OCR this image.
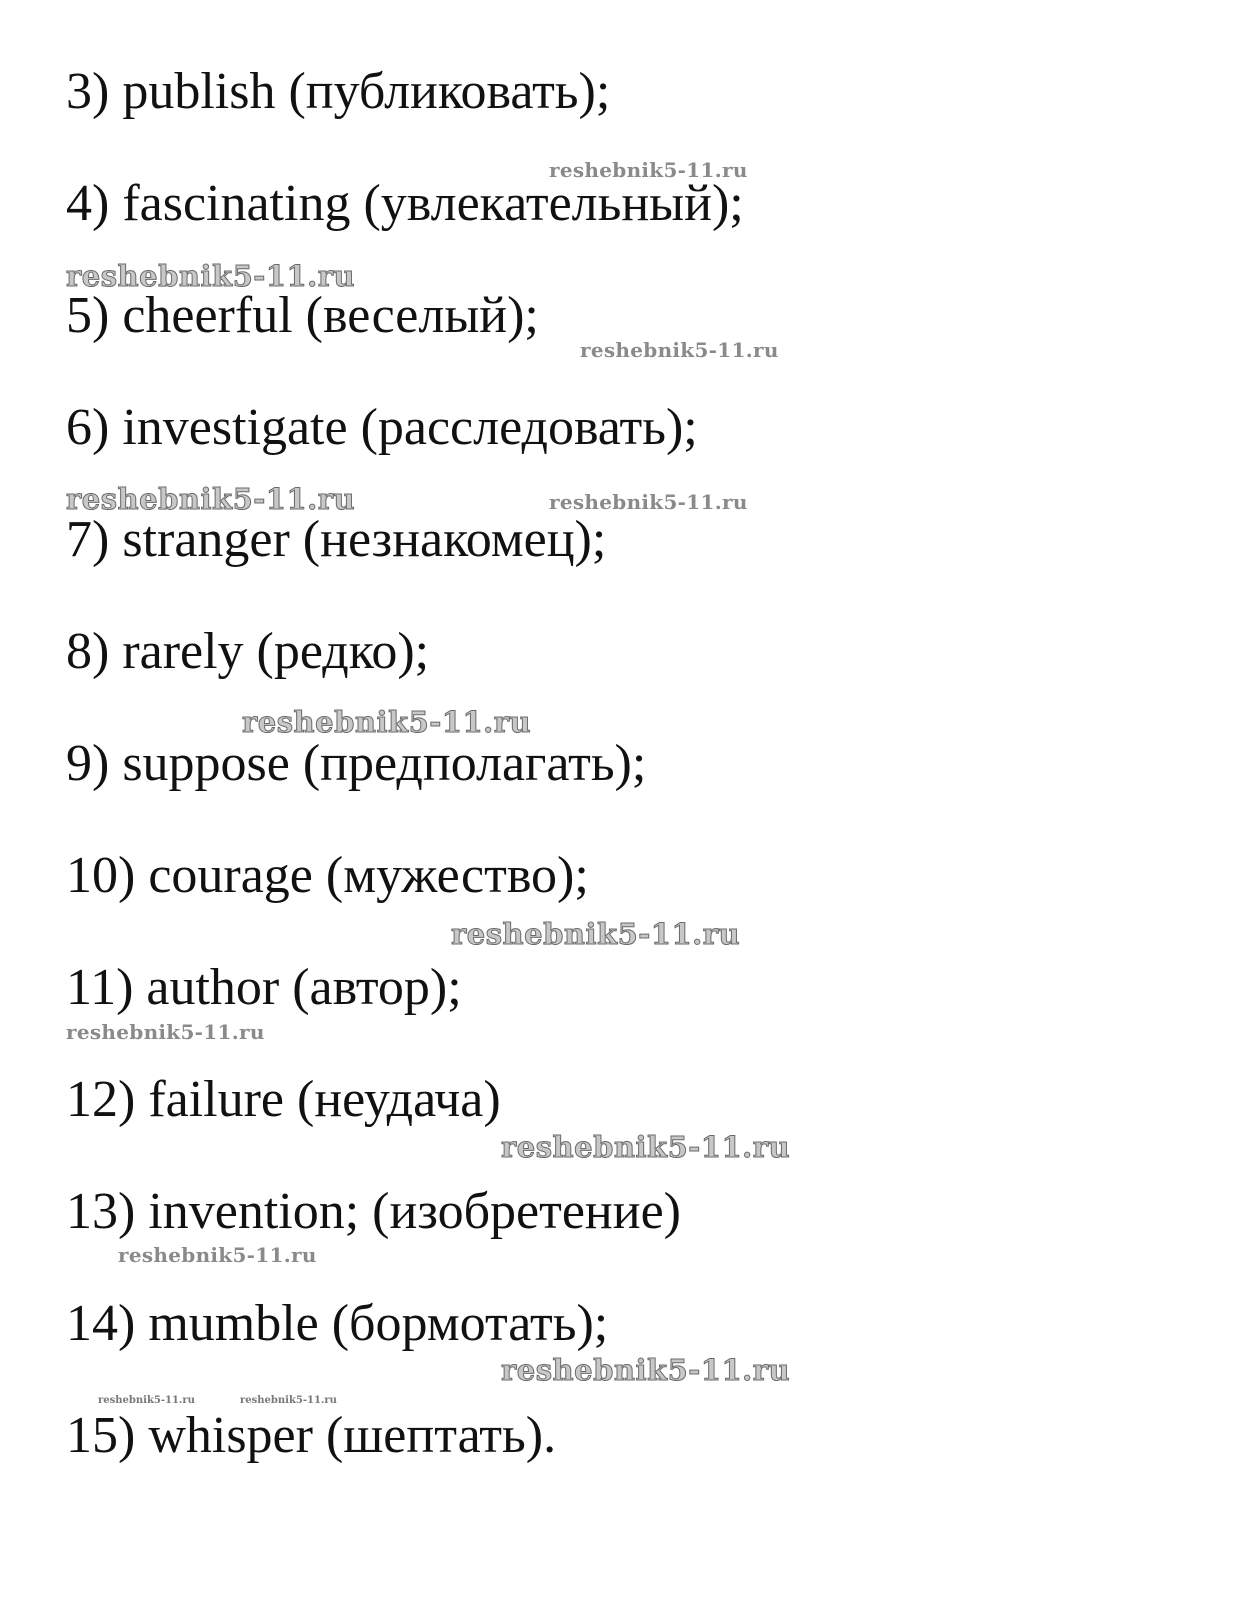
3) publish (публиковать);
4) fascinating (увлекательный);
5) cheerful (веселый);
6) investigate (расследовать);
7) stranger (незнакомец);
8) rarely (редко);
9) suppose (предполагать);
10) courage (мужество);
11) author (автор);
12) failure (неудача)
13) invention; (изобретение)
14) mumble (бормотать);
15) whisper (шептать).
reshebnik5-11.ru
reshebnik5-11.ru
reshebnik5-11.ru
reshebnik5-11.ru	reshebnik5-11.ru
reshebnik5-11.ru
reshebnik5-11.ru
reshebnik5-11.ru
reshebnik5-11.ru
reshebnik5-11.ru
reshebnik5-11.ru
reshebnik5-11.ru	reshebnik5-11.ru
